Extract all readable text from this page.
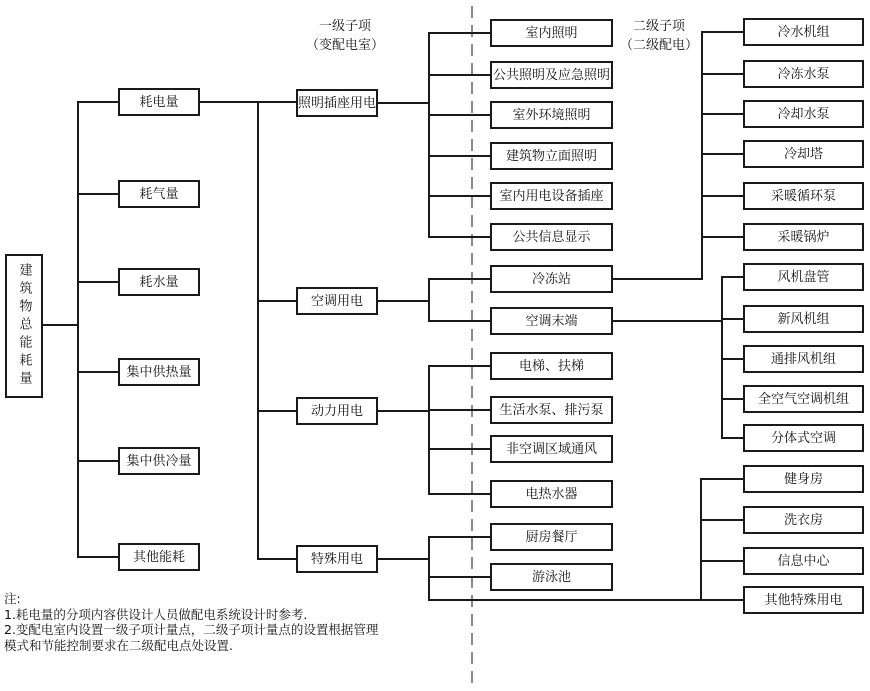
一级子项
（变配电室）
二级子项
（二级配电）
建筑物总能耗量
耗电量
耗气量
耗水量
集中供热量
集中供冷量
其他能耗
照明插座用电
空调用电
动力用电
特殊用电
室内照明
公共照明及应急照明
室外环境照明
建筑物立面照明
室内用电设备插座
公共信息显示
冷冻站
空调末端
电梯、扶梯
生活水泵、排污泵
非空调区域通风
电热水器
厨房餐厅
游泳池
冷水机组
冷冻水泵
冷却水泵
冷却塔
采暖循环泵
采暖锅炉
风机盘管
新风机组
通排风机组
全空气空调机组
分体式空调
健身房
洗衣房
信息中心
其他特殊用电
注:
1.耗电量的分项内容供设计人员做配电系统设计时参考.
2.变配电室内设置一级子项计量点，二级子项计量点的设置根据管理
模式和节能控制要求在二级配电点处设置.
